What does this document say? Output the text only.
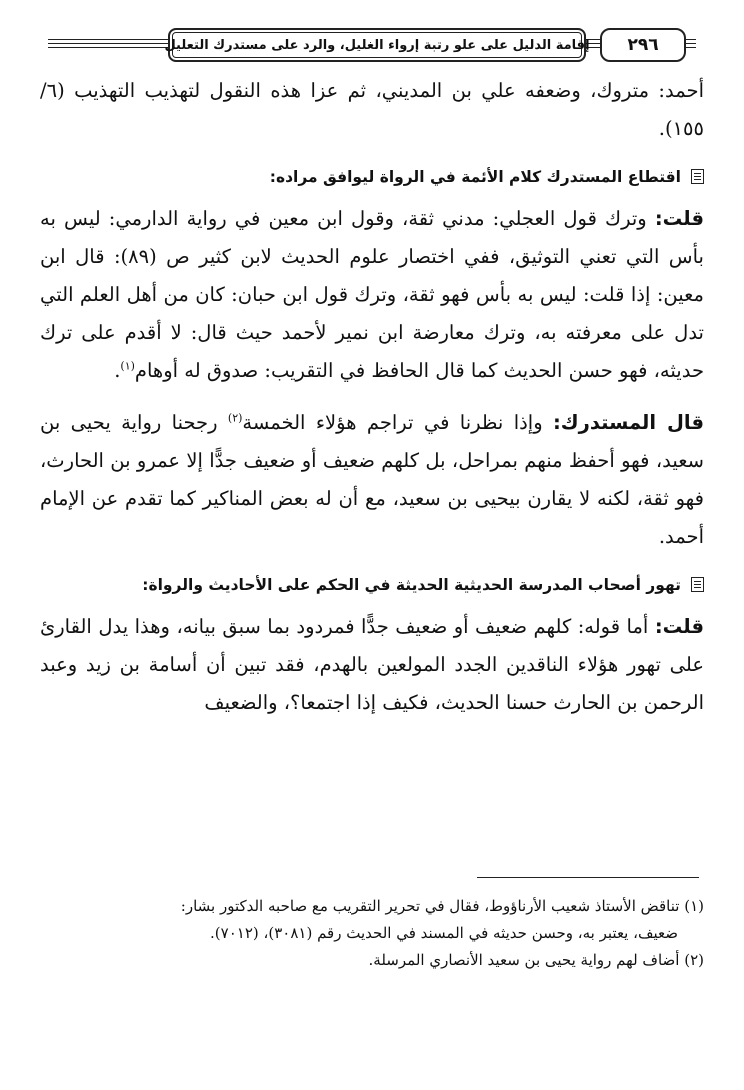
إقامة الدليل على علو رتبة إرواء الغليل، والرد على مستدرك التعليل	٢٩٦

أحمد: متروك، وضعفه علي بن المديني، ثم عزا هذه النقول لتهذيب التهذيب (٦/ ١٥٥).

اقتطاع المستدرك كلام الأئمة في الرواة ليوافق مراده:

قلت: وترك قول العجلي: مدني ثقة، وقول ابن معين في رواية الدارمي: ليس به بأس التي تعني التوثيق، ففي اختصار علوم الحديث لابن كثير ص (٨٩): قال ابن معين: إذا قلت: ليس به بأس فهو ثقة، وترك قول ابن حبان: كان من أهل العلم التي تدل على معرفته به، وترك معارضة ابن نمير لأحمد حيث قال: لا أقدم على ترك حديثه، فهو حسن الحديث كما قال الحافظ في التقريب: صدوق له أوهام$^{(١)}$.

قال المستدرك: وإذا نظرنا في تراجم هؤلاء الخمسة$^{(٢)}$ رجحنا رواية يحيى بن سعيد، فهو أحفظ منهم بمراحل، بل كلهم ضعيف أو ضعيف جدًّا إلا عمرو بن الحارث، فهو ثقة، لكنه لا يقارن بيحيى بن سعيد، مع أن له بعض المناكير كما تقدم عن الإمام أحمد.

تهور أصحاب المدرسة الحديثية الحديثة في الحكم على الأحاديث والرواة:

قلت: أما قوله: كلهم ضعيف أو ضعيف جدًّا فمردود بما سبق بيانه، وهذا يدل القارئ على تهور هؤلاء الناقدين الجدد المولعين بالهدم، فقد تبين أن أسامة بن زيد وعبد الرحمن بن الحارث حسنا الحديث، فكيف إذا اجتمعا؟، والضعيف

(١) تناقض الأستاذ شعيب الأرناؤوط، فقال في تحرير التقريب مع صاحبه الدكتور بشار:

ضعيف، يعتبر به، وحسن حديثه في المسند في الحديث رقم (٣٠٨١)، (٧٠١٢).

(٢) أضاف لهم رواية يحيى بن سعيد الأنصاري المرسلة.
